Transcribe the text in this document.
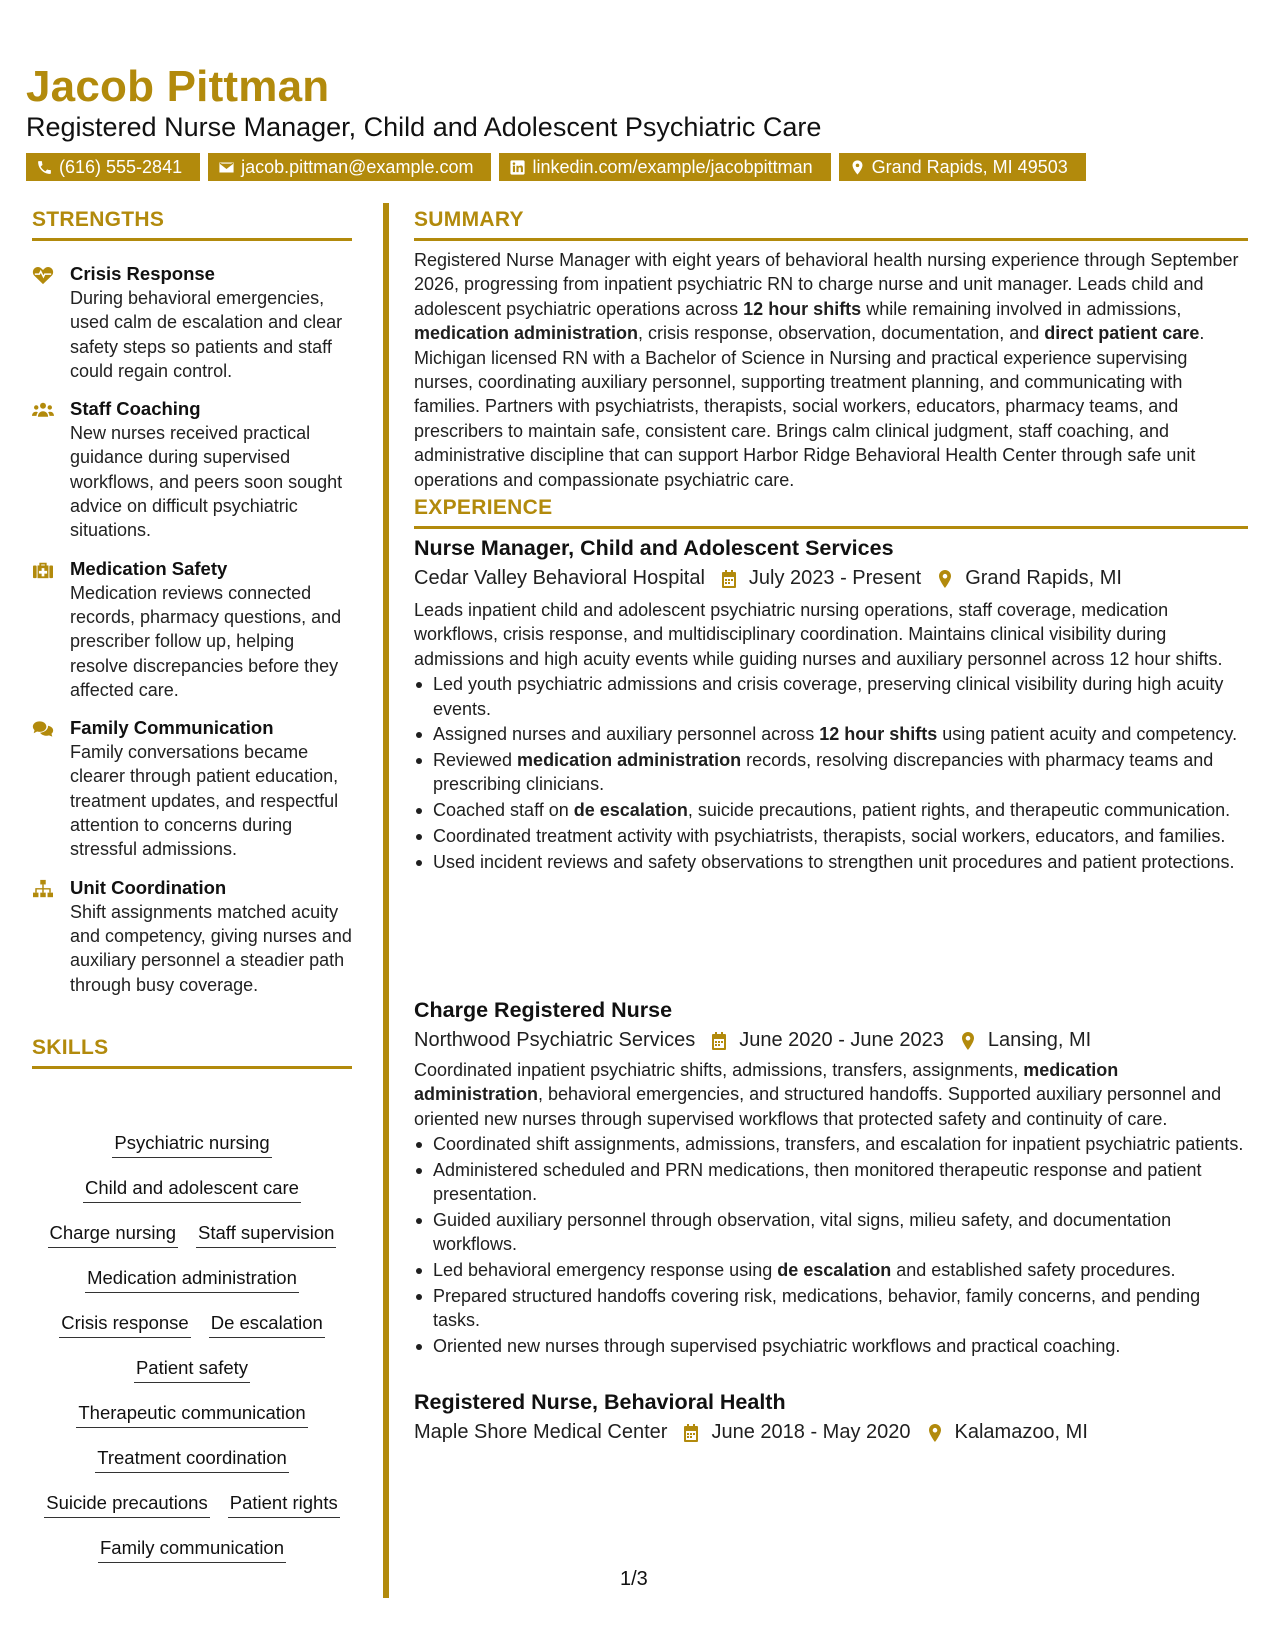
Jacob Pittman
Registered Nurse Manager, Child and Adolescent Psychiatric Care
(616) 555-2841	jacob.pittman@example.com	linkedin.com/example/jacobpittman	Grand Rapids, MI 49503
STRENGTHS
Crisis Response
During behavioral emergencies, used calm de escalation and clear safety steps so patients and staff could regain control.
Staff Coaching
New nurses received practical guidance during supervised workflows, and peers soon sought advice on difficult psychiatric situations.
Medication Safety
Medication reviews connected records, pharmacy questions, and prescriber follow up, helping resolve discrepancies before they affected care.
Family Communication
Family conversations became clearer through patient education, treatment updates, and respectful attention to concerns during stressful admissions.
Unit Coordination
Shift assignments matched acuity and competency, giving nurses and auxiliary personnel a steadier path through busy coverage.
SKILLS
Psychiatric nursing
Child and adolescent care
Charge nursing Staff supervision
Medication administration
Crisis response De escalation
Patient safety
Therapeutic communication
Treatment coordination
Suicide precautions Patient rights
Family communication
SUMMARY
Registered Nurse Manager with eight years of behavioral health nursing experience through September 2026, progressing from inpatient psychiatric RN to charge nurse and unit manager. Leads child and adolescent psychiatric operations across 12 hour shifts while remaining involved in admissions, medication administration, crisis response, observation, documentation, and direct patient care. Michigan licensed RN with a Bachelor of Science in Nursing and practical experience supervising nurses, coordinating auxiliary personnel, supporting treatment planning, and communicating with families. Partners with psychiatrists, therapists, social workers, educators, pharmacy teams, and prescribers to maintain safe, consistent care. Brings calm clinical judgment, staff coaching, and administrative discipline that can support Harbor Ridge Behavioral Health Center through safe unit operations and compassionate psychiatric care.
EXPERIENCE
Nurse Manager, Child and Adolescent Services
Cedar Valley Behavioral Hospital July 2023 - Present Grand Rapids, MI
Leads inpatient child and adolescent psychiatric nursing operations, staff coverage, medication workflows, crisis response, and multidisciplinary coordination. Maintains clinical visibility during admissions and high acuity events while guiding nurses and auxiliary personnel across 12 hour shifts.
Led youth psychiatric admissions and crisis coverage, preserving clinical visibility during high acuity events.
Assigned nurses and auxiliary personnel across 12 hour shifts using patient acuity and competency.
Reviewed medication administration records, resolving discrepancies with pharmacy teams and prescribing clinicians.
Coached staff on de escalation, suicide precautions, patient rights, and therapeutic communication.
Coordinated treatment activity with psychiatrists, therapists, social workers, educators, and families.
Used incident reviews and safety observations to strengthen unit procedures and patient protections.
Charge Registered Nurse
Northwood Psychiatric Services June 2020 - June 2023 Lansing, MI
Coordinated inpatient psychiatric shifts, admissions, transfers, assignments, medication administration, behavioral emergencies, and structured handoffs. Supported auxiliary personnel and oriented new nurses through supervised workflows that protected safety and continuity of care.
Coordinated shift assignments, admissions, transfers, and escalation for inpatient psychiatric patients.
Administered scheduled and PRN medications, then monitored therapeutic response and patient presentation.
Guided auxiliary personnel through observation, vital signs, milieu safety, and documentation workflows.
Led behavioral emergency response using de escalation and established safety procedures.
Prepared structured handoffs covering risk, medications, behavior, family concerns, and pending tasks.
Oriented new nurses through supervised psychiatric workflows and practical coaching.
Registered Nurse, Behavioral Health
Maple Shore Medical Center June 2018 - May 2020 Kalamazoo, MI
1/3
